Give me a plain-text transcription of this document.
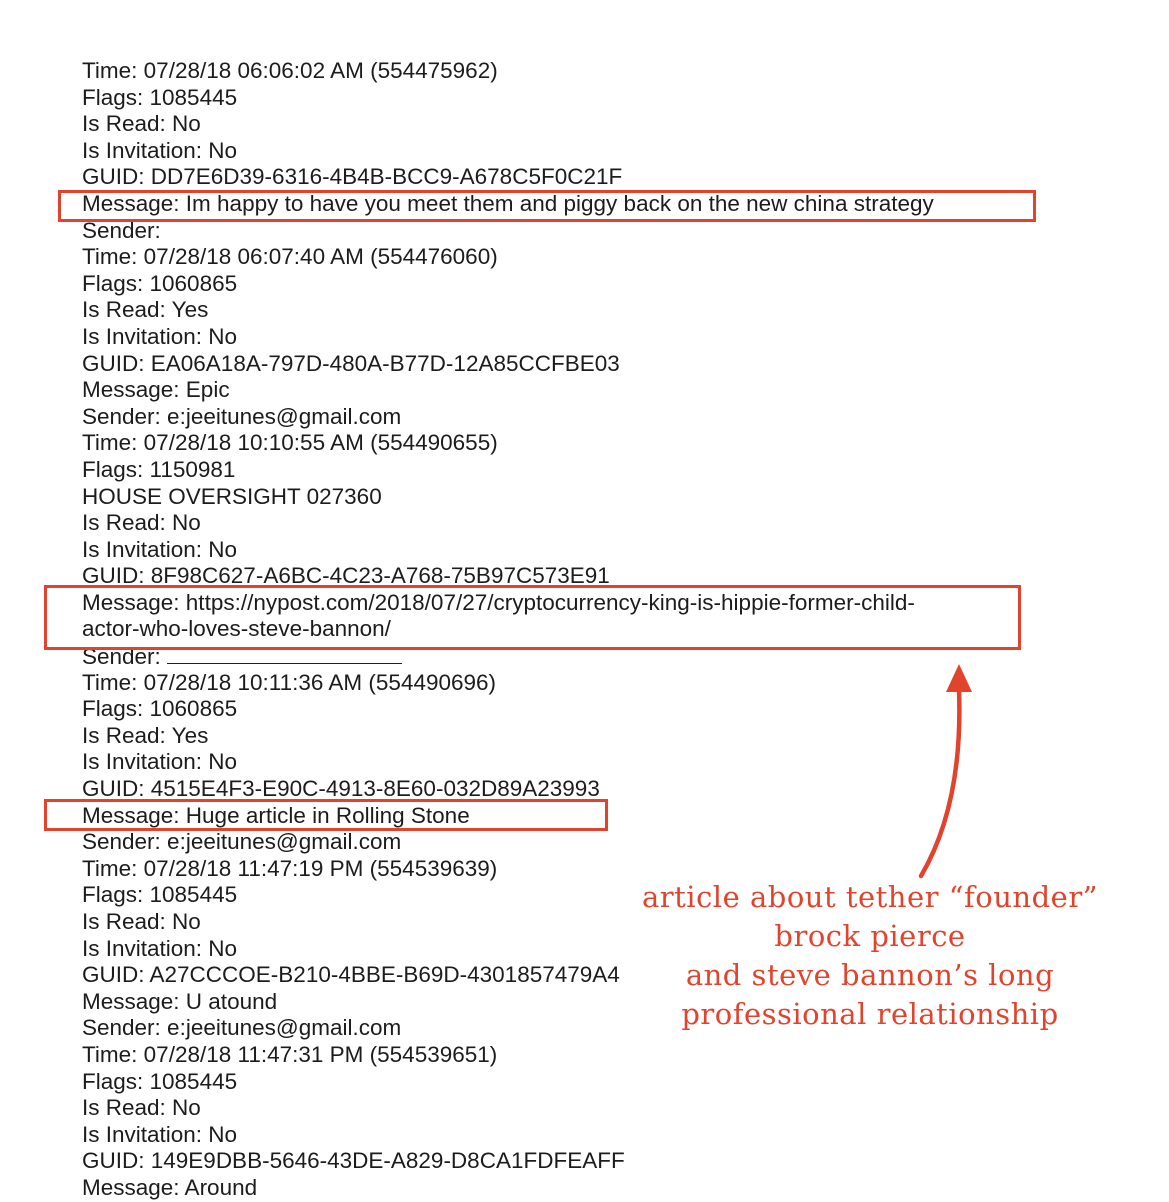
Time: 07/28/18 06:06:02 AM (554475962)
Flags: 1085445
Is Read: No
Is Invitation: No
GUID: DD7E6D39-6316-4B4B-BCC9-A678C5F0C21F
Message: Im happy to have you meet them and piggy back on the new china strategy
Sender:
Time: 07/28/18 06:07:40 AM (554476060)
Flags: 1060865
Is Read: Yes
Is Invitation: No
GUID: EA06A18A-797D-480A-B77D-12A85CCFBE03
Message: Epic
Sender: e:jeeitunes@gmail.com
Time: 07/28/18 10:10:55 AM (554490655)
Flags: 1150981
HOUSE OVERSIGHT 027360
Is Read: No
Is Invitation: No
GUID: 8F98C627-A6BC-4C23-A768-75B97C573E91
Message: https://nypost.com/2018/07/27/cryptocurrency-king-is-hippie-former-child-
actor-who-loves-steve-bannon/
Sender:
Time: 07/28/18 10:11:36 AM (554490696)
Flags: 1060865
Is Read: Yes
Is Invitation: No
GUID: 4515E4F3-E90C-4913-8E60-032D89A23993
Message: Huge article in Rolling Stone
Sender: e:jeeitunes@gmail.com
Time: 07/28/18 11:47:19 PM (554539639)
Flags: 1085445
Is Read: No
Is Invitation: No
GUID: A27CCCOE-B210-4BBE-B69D-4301857479A4
Message: U atound
Sender: e:jeeitunes@gmail.com
Time: 07/28/18 11:47:31 PM (554539651)
Flags: 1085445
Is Read: No
Is Invitation: No
GUID: 149E9DBB-5646-43DE-A829-D8CA1FDFEAFF
Message: Around
article about tether “founder”
brock pierce
and steve bannon’s long
professional relationship
